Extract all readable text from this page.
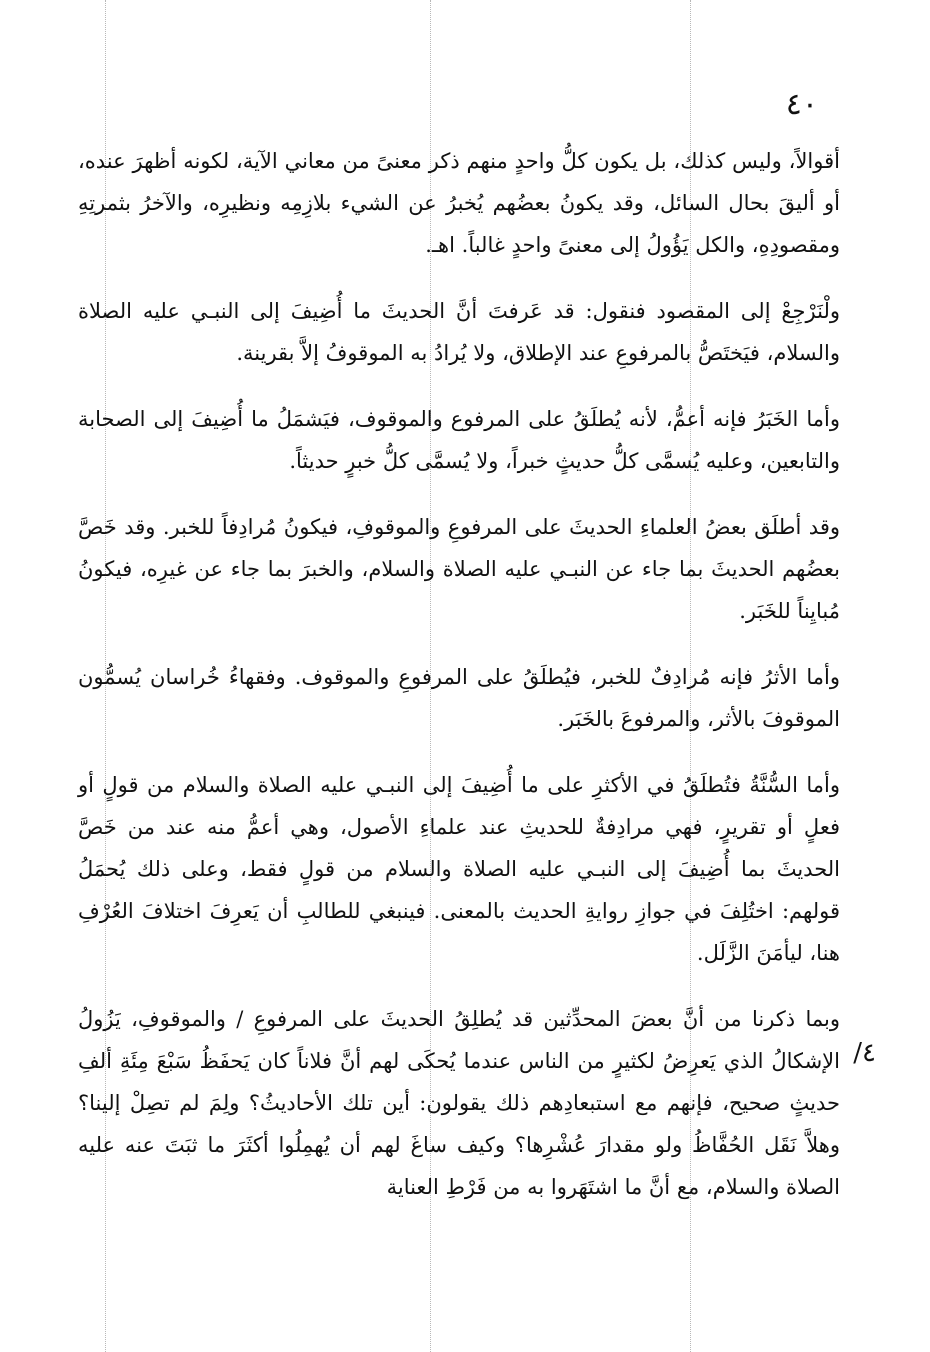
٤٠
٤/

أقوالاً، وليس كذلك، بل يكون كلُّ واحدٍ منهم ذكر معنىً من معاني الآية، لكونه أظهرَ عنده، أو أليقَ بحال السائل، وقد يكونُ بعضُهم يُخبرُ عن الشيء بلازِمِه ونظيرِه، والآخرُ بثمرتِهِ ومقصودِهِ، والكل يَؤُولُ إلى معنىً واحدٍ غالباً. اهـ.

ولْنَرْجِعْ إلى المقصود فنقول: قد عَرفتَ أنَّ الحديثَ ما أُضِيفَ إلى النبـي عليه الصلاة والسلام، فيَختَصُّ بالمرفوعِ عند الإطلاق، ولا يُرادُ به الموقوفُ إلاَّ بقرينة.

وأما الخَبَرُ فإنه أعمُّ، لأنه يُطلَقُ على المرفوع والموقوف، فيَشمَلُ ما أُضِيفَ إلى الصحابة والتابعين، وعليه يُسمَّى كلُّ حديثٍ خبراً، ولا يُسمَّى كلُّ خبرٍ حديثاً.

وقد أطلَق بعضُ العلماءِ الحديثَ على المرفوعِ والموقوفِ، فيكونُ مُرادِفاً للخبر. وقد خَصَّ بعضُهم الحديثَ بما جاء عن النبـي عليه الصلاة والسلام، والخبرَ بما جاء عن غيرِه، فيكونُ مُبايِناً للخَبَر.

وأما الأثرُ فإنه مُرادِفٌ للخبر، فيُطلَقُ على المرفوعِ والموقوف. وفقهاءُ خُراسان يُسمُّون الموقوفَ بالأثر، والمرفوعَ بالخَبَر.

وأما السُّنَّةُ فتُطلَقُ في الأكثرِ على ما أُضِيفَ إلى النبـي عليه الصلاة والسلام من قولٍ أو فعلٍ أو تقريرٍ، فهي مرادِفةٌ للحديثِ عند علماءِ الأصول، وهي أعمُّ منه عند من خَصَّ الحديثَ بما أُضِيفَ إلى النبـي عليه الصلاة والسلام من قولٍ فقط، وعلى ذلك يُحمَلُ قولهم: اختُلِفَ في جوازِ روايةِ الحديث بالمعنى. فينبغي للطالبِ أن يَعرِفَ اختلافَ العُرْفِ هنا، ليأمَنَ الزَّلَل.

وبما ذكرنا من أنَّ بعضَ المحدِّثين قد يُطلِقُ الحديثَ على المرفوعِ / والموقوفِ، يَزُولُ الإشكالُ الذي يَعرِضُ لكثيرٍ من الناس عندما يُحكَى لهم أنَّ فلاناً كان يَحفَظُ سَبْعَ مِئَةِ ألفِ حديثٍ صحيح، فإنهم مع استبعادِهم ذلك يقولون: أين تلك الأحاديثُ؟ ولِمَ لم تصِلْ إلينا؟ وهلاَّ نَقَل الحُفَّاظُ ولو مقدارَ عُشْرِها؟ وكيف ساغَ لهم أن يُهمِلُوا أكثَرَ ما ثبَتَ عنه عليه الصلاة والسلام، مع أنَّ ما اشتَهَروا به من فَرْطِ العناية
